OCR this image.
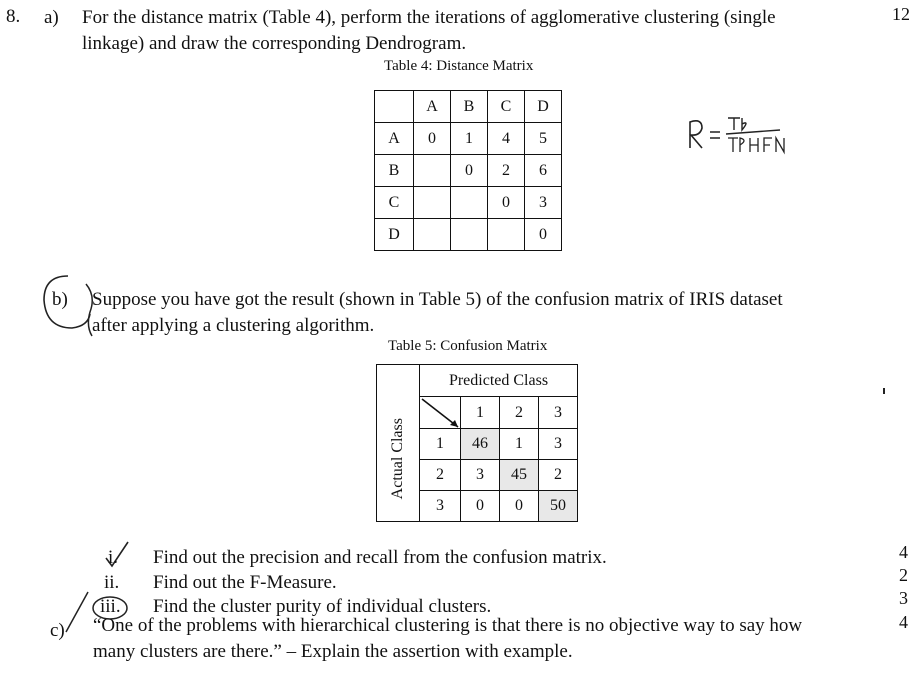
8. a) For the distance matrix (Table 4), perform the iterations of agglomerative clustering (single
linkage) and draw the corresponding Dendrogram.
12
Table 4: Distance Matrix
	A	B	C	D
A	0	1	4	5
B		0	2	6
C			0	3
D				0
b) Suppose you have got the result (shown in Table 5) of the confusion matrix of IRIS dataset
after applying a clustering algorithm.
Table 5: Confusion Matrix
	Predicted Class			

Actual Class		1	2	3
	1	46	1	3
	2	3	45	2
	3	0	0	50
i. Find out the precision and recall from the confusion matrix.	4
ii. Find out the F-Measure.	2
iii. Find the cluster purity of individual clusters.	3
c) “One of the problems with hierarchical clustering is that there is no objective way to say how
many clusters are there.” – Explain the assertion with example.
4
